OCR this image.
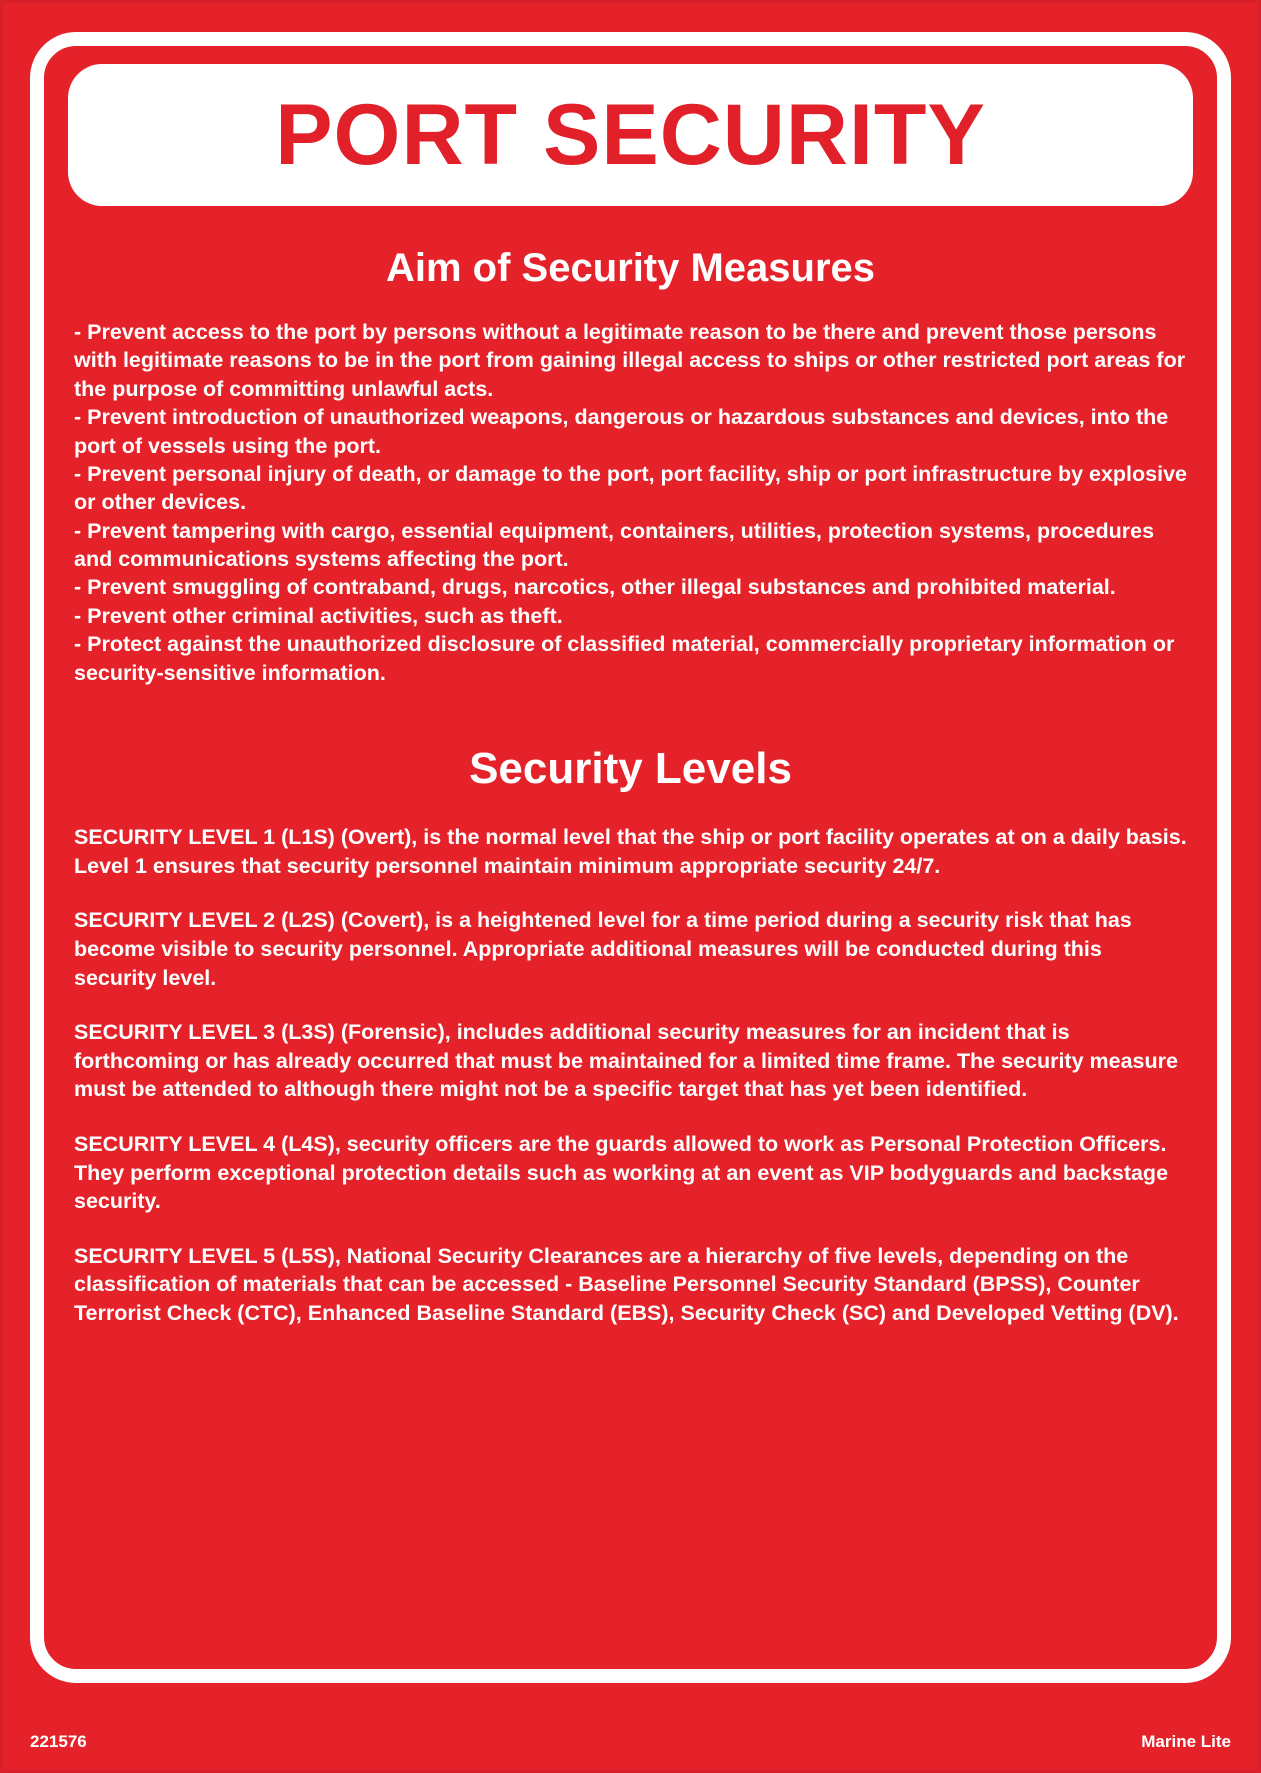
PORT SECURITY
Aim of Security Measures

- Prevent access to the port by persons without a legitimate reason to be there and prevent those persons with legitimate reasons to be in the port from gaining illegal access to ships or other restricted port areas for the purpose of committing unlawful acts.

- Prevent introduction of unauthorized weapons, dangerous or hazardous substances and devices, into the port of vessels using the port.

- Prevent personal injury of death, or damage to the port, port facility, ship or port infrastructure by explosive or other devices.

- Prevent tampering with cargo, essential equipment, containers, utilities, protection systems, procedures and communications systems affecting the port.

- Prevent smuggling of contraband, drugs, narcotics, other illegal substances and prohibited material.

- Prevent other criminal activities, such as theft.

- Protect against the unauthorized disclosure of classified material, commercially proprietary information or security-sensitive information.

Security Levels

SECURITY LEVEL 1 (L1S) (Overt), is the normal level that the ship or port facility operates at on a daily basis. Level 1 ensures that security personnel maintain minimum appropriate security 24/7.

SECURITY LEVEL 2 (L2S) (Covert), is a heightened level for a time period during a security risk that has become visible to security personnel. Appropriate additional measures will be conducted during this security level.

SECURITY LEVEL 3 (L3S) (Forensic), includes additional security measures for an incident that is forthcoming or has already occurred that must be maintained for a limited time frame. The security measure must be attended to although there might not be a specific target that has yet been identified.

SECURITY LEVEL 4 (L4S), security officers are the guards allowed to work as Personal Protection Officers. They perform exceptional protection details such as working at an event as VIP bodyguards and backstage security.

SECURITY LEVEL 5 (L5S), National Security Clearances are a hierarchy of five levels, depending on the classification of materials that can be accessed - Baseline Personnel Security Standard (BPSS), Counter Terrorist Check (CTC), Enhanced Baseline Standard (EBS), Security Check (SC) and Developed Vetting (DV).

221576	Marine Lite
